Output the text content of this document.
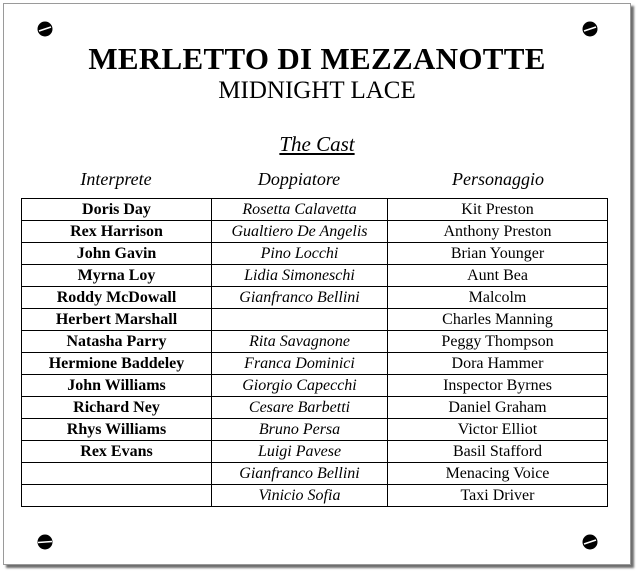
MERLETTO DI MEZZANOTTE
MIDNIGHT LACE
The Cast
Interprete	Doppiatore	Personaggio
Doris Day	Rosetta Calavetta	Kit Preston
Rex Harrison	Gualtiero De Angelis	Anthony Preston
John Gavin	Pino Locchi	Brian Younger
Myrna Loy	Lidia Simoneschi	Aunt Bea
Roddy McDowall	Gianfranco Bellini	Malcolm
Herbert Marshall		Charles Manning
Natasha Parry	Rita Savagnone	Peggy Thompson
Hermione Baddeley	Franca Dominici	Dora Hammer
John Williams	Giorgio Capecchi	Inspector Byrnes
Richard Ney	Cesare Barbetti	Daniel Graham
Rhys Williams	Bruno Persa	Victor Elliot
Rex Evans	Luigi Pavese	Basil Stafford
	Gianfranco Bellini	Menacing Voice
	Vinicio Sofia	Taxi Driver
